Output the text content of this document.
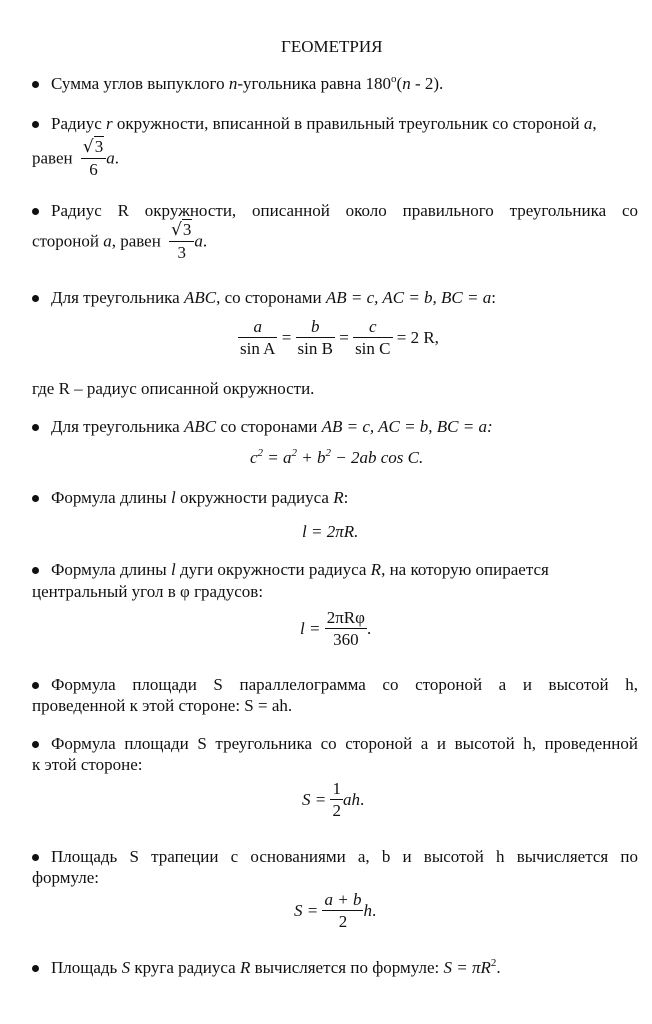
ГЕОМЕТРИЯ
Сумма углов выпуклого n-угольника равна 180$^o$(n - 2).
Радиус r окружности, вписанной в правильный треугольник со стороной a,
равен $\frac{√3}{6} a$.
Радиус R окружности, описанной около правильного треугольника со
стороной a, равен $\frac{√3}{3} a$.
Для треугольника ABC, со сторонами AB = c, AC = b, BC = a:
$\frac{a}{\text{sin A}} = \frac{b}{\text{sin B}} = \frac{c}{\text{sin C}} = 2$ R,
где R – радиус описанной окружности.
Для треугольника ABC со сторонами AB = c, AC = b, BC = a:
$c^2 = a^2 + b^2 - 2ab$ cos C.
Формула длины l окружности радиуса R:
l = 2πR.
Формула длины l дуги окружности радиуса R, на которую опирается
центральный угол в φ градусов:
$l = \frac{\text{2πRφ}}{360}$ .
Формула площади S параллелограмма со стороной a и высотой h,
проведенной к этой стороне: S = ah.
Формула площади S треугольника со стороной a и высотой h, проведенной
к этой стороне:
$S = \frac{1}{2}$ ah.
Площадь S трапеции с основаниями a, b и высотой h вычисляется по
формуле:
$S = \frac{a + b}{2} h$.
Площадь S круга радиуса R вычисляется по формуле: $S = \pi R^2$.
